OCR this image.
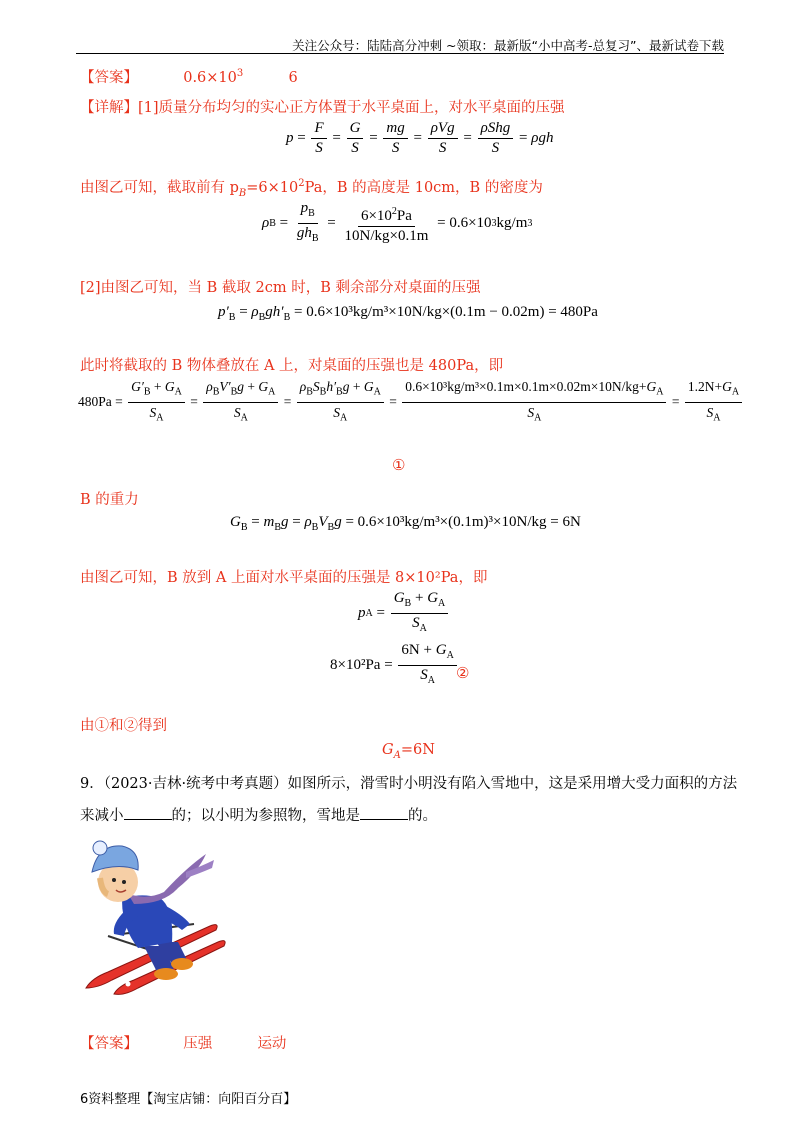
关注公众号：陆陆高分冲刺 ~领取：最新版“小中高考-总复习”、最新试卷下载
【答案】	$0.6\times 10^3$	6
【详解】[1]质量分布均匀的实心正方体置于水平桌面上，对水平桌面的压强
$p = \frac{F}{S} = \frac{G}{S} = \frac{mg}{S} = \frac{\text{ρVg}}{S} = \frac{\text{ρShg}}{S} = \rho gh$
由图乙可知，截取前有 $p_B=6\times 10^2Pa$，B 的高度是 10cm，B 的密度为
ρ $B = \frac{p_B}{gh_B} = \frac{6\times 10^2Pa}{10N/kg\times 0.1m} = 0.6\times 10$ 3 kg/m 3
[2]由图乙可知，当 B 截取 2cm 时，B 剩余部分对桌面的压强
$p'_B = \rho_Bgh'_B = 0.6\times 10^3kg/m^3\times 10N/kg\times(0.1m - 0.02m) = 480Pa$
此时将截取的 B 物体叠放在 A 上，对桌面的压强也是 480Pa，即
480Pa =
$\frac{G'_B + G_A}{S_A} = \frac{\rho_BV'_Bg + G_A}{S_A} = \frac{\rho_BS_Bh'_Bg + G_A}{S_A} = \frac{0.6\times 10^3kg/m^3\times 0.1m\times 0.1m\times 0.02m\times 10N/kg+G_A}{S_A} = \frac{1.2N+G_A}{S_A}$
①
B 的重力
$G_B = m_Bg = \rho_BV_Bg = 0.6\times 10^3kg/m^3\times(0.1m)^3\times 10N/kg = 6N$
由图乙可知，B 放到 A 上面对水平桌面的压强是 8×10²Pa，即
p $A = \frac{G_B + G_A}{S_A}$
8×10²Pa =
$\frac{6N + G_A}{S_A}$ ②
由①和②得到
$G_A=6N$
9．（2023·吉林·统考中考真题）如图所示，滑雪时小明没有陷入雪地中，这是采用增大受力面积的方法
来减小	的；以小明为参照物，雪地是	的。
【答案】	压强	运动
6资料整理【淘宝店铺：向阳百分百】
